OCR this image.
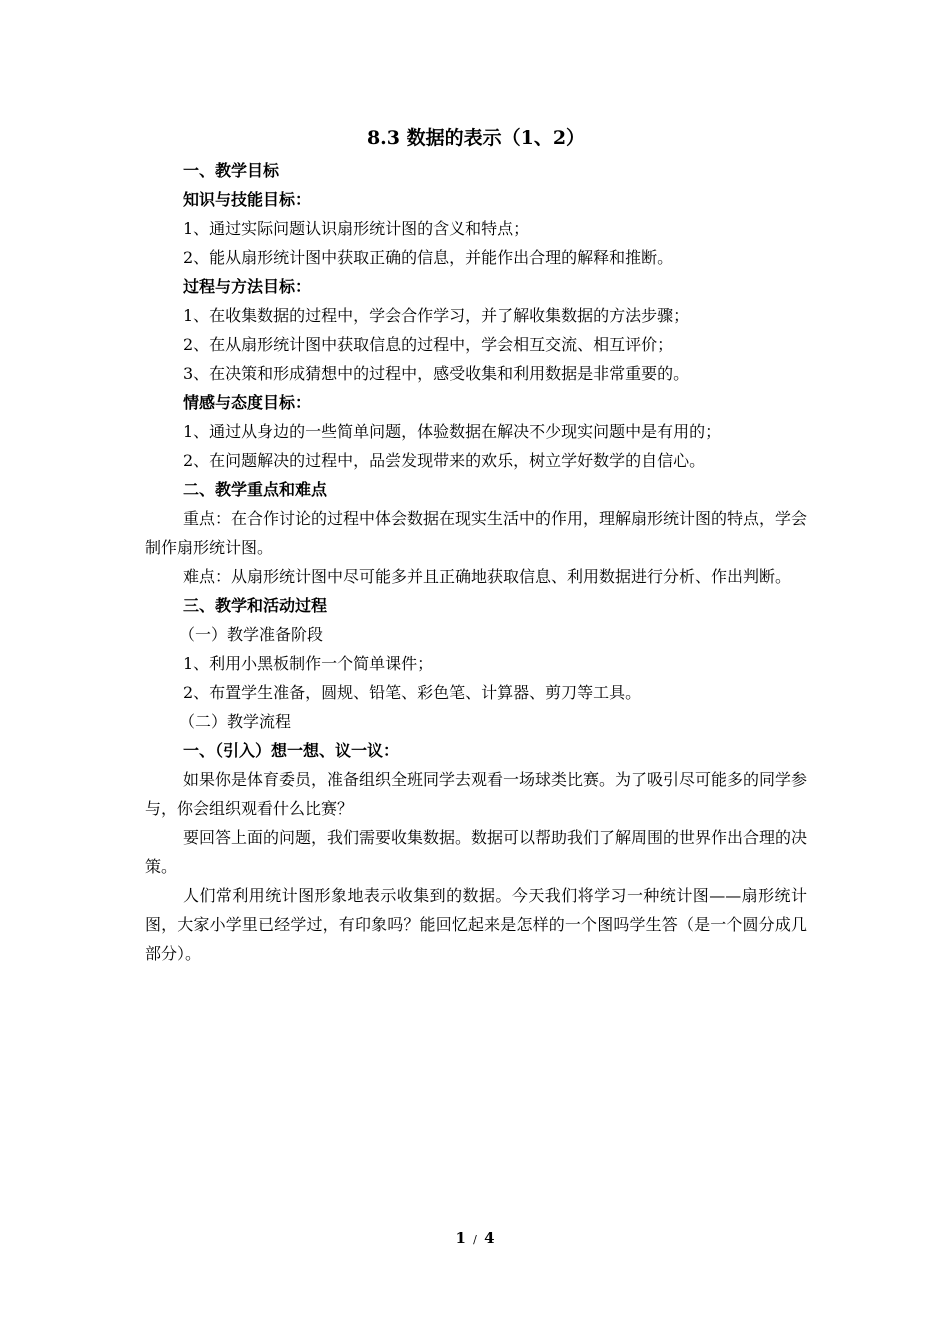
8.3 数据的表示（1、2）

一、教学目标

知识与技能目标：

1、通过实际问题认识扇形统计图的含义和特点；

2、能从扇形统计图中获取正确的信息，并能作出合理的解释和推断。

过程与方法目标：

1、在收集数据的过程中，学会合作学习，并了解收集数据的方法步骤；

2、在从扇形统计图中获取信息的过程中，学会相互交流、相互评价；

3、在决策和形成猜想中的过程中，感受收集和利用数据是非常重要的。

情感与态度目标：

1、通过从身边的一些简单问题，体验数据在解决不少现实问题中是有用的；

2、在问题解决的过程中，品尝发现带来的欢乐，树立学好数学的自信心。

二、教学重点和难点

重点：在合作讨论的过程中体会数据在现实生活中的作用，理解扇形统计图的特点，学会制作扇形统计图。

难点：从扇形统计图中尽可能多并且正确地获取信息、利用数据进行分析、作出判断。

三、教学和活动过程

（一）教学准备阶段

1、利用小黑板制作一个简单课件；

2、布置学生准备，圆规、铅笔、彩色笔、计算器、剪刀等工具。

（二）教学流程

一、（引入）想一想、议一议：

如果你是体育委员，准备组织全班同学去观看一场球类比赛。为了吸引尽可能多的同学参与，你会组织观看什么比赛？

要回答上面的问题，我们需要收集数据。数据可以帮助我们了解周围的世界作出合理的决策。

人们常利用统计图形象地表示收集到的数据。今天我们将学习一种统计图——扇形统计图，大家小学里已经学过，有印象吗？能回忆起来是怎样的一个图吗学生答（是一个圆分成几部分）。

1 / 4
